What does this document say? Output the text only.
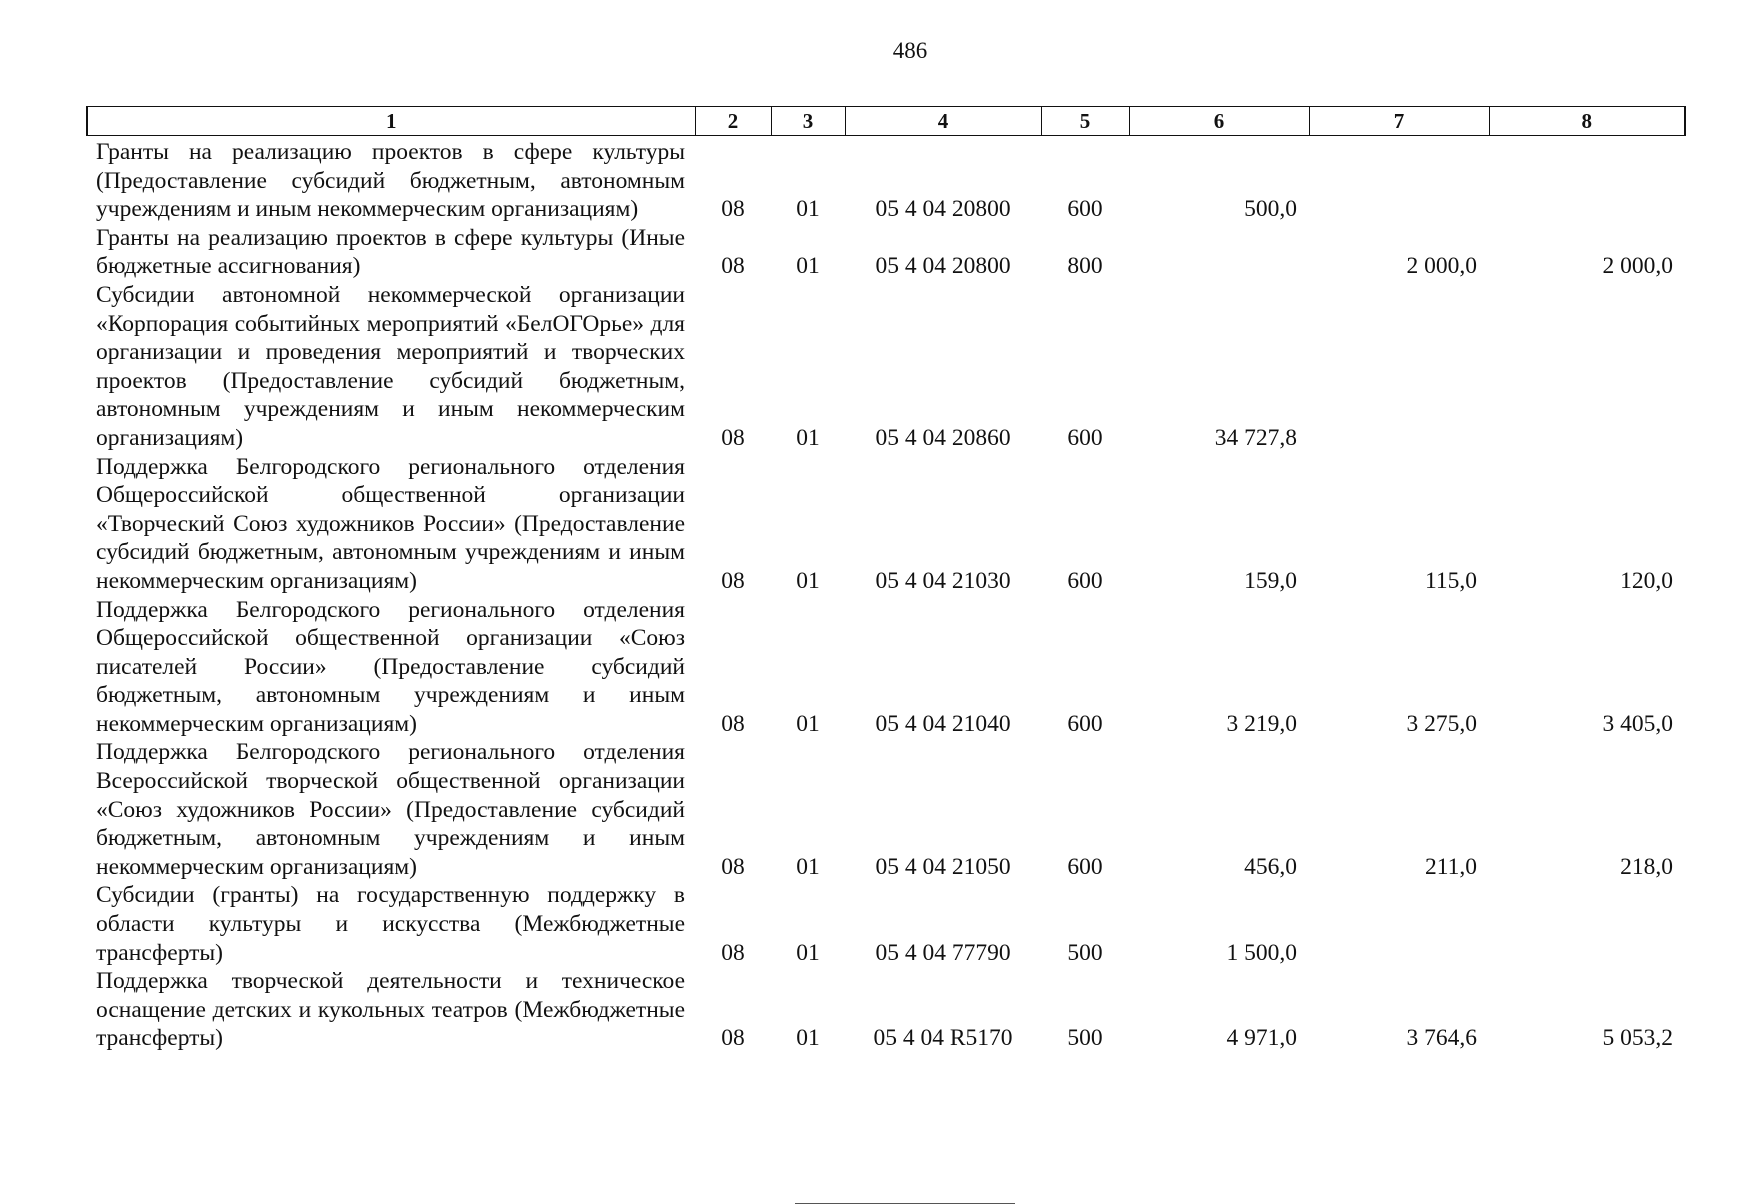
486
1	2	3	4	5	6	7	8
Гранты на реализацию проектов в сфере культуры (Предоставление субсидий бюджетным, автономным учреждениям и иным некоммерческим организациям)	08	01	05 4 04 20800	600	500,0		
Гранты на реализацию проектов в сфере культуры (Иные бюджетные ассигнования)	08	01	05 4 04 20800	800		2 000,0	2 000,0
Субсидии автономной некоммерческой организации «Корпорация событийных мероприятий «БелОГОрье» для организации и проведения мероприятий и творческих проектов (Предоставление субсидий бюджетным, автономным учреждениям и иным некоммерческим организациям)	08	01	05 4 04 20860	600	34 727,8		
Поддержка Белгородского регионального отделения Общероссийской общественной организации «Творческий Союз художников России» (Предоставление субсидий бюджетным, автономным учреждениям и иным некоммерческим организациям)	08	01	05 4 04 21030	600	159,0	115,0	120,0
Поддержка Белгородского регионального отделения Общероссийской общественной организации «Союз писателей России» (Предоставление субсидий бюджетным, автономным учреждениям и иным некоммерческим организациям)	08	01	05 4 04 21040	600	3 219,0	3 275,0	3 405,0
Поддержка Белгородского регионального отделения Всероссийской творческой общественной организации «Союз художников России» (Предоставление субсидий бюджетным, автономным учреждениям и иным некоммерческим организациям)	08	01	05 4 04 21050	600	456,0	211,0	218,0
Субсидии (гранты) на государственную поддержку в области культуры и искусства (Межбюджетные трансферты)	08	01	05 4 04 77790	500	1 500,0		
Поддержка творческой деятельности и техническое оснащение детских и кукольных театров (Межбюджетные трансферты)	08	01	05 4 04 R5170	500	4 971,0	3 764,6	5 053,2
